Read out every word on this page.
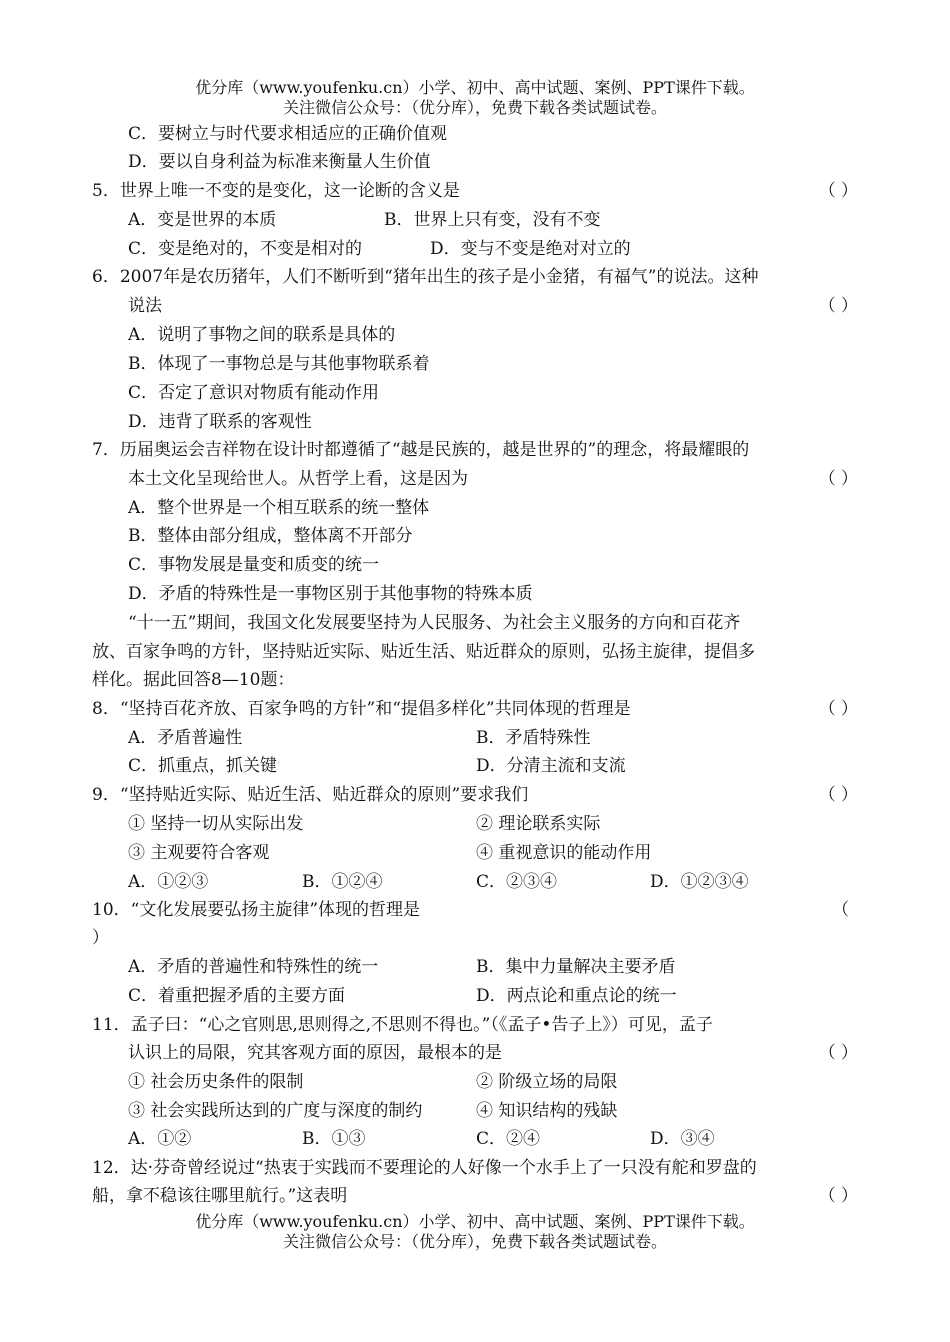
优分库（www.youfenku.cn）小学、初中、高中试题、案例、PPT课件下载。
关注微信公众号：（优分库），免费下载各类试题试卷。
C．要树立与时代要求相适应的正确价值观
D．要以自身利益为标准来衡量人生价值
5．世界上唯一不变的是变化，这一论断的含义是	（ ）
A．变是世界的本质	B．世界上只有变，没有不变
C．变是绝对的，不变是相对的	D．变与不变是绝对对立的
6．2007年是农历猪年，人们不断听到“猪年出生的孩子是小金猪，有福气”的说法。这种
说法	（ ）
A．说明了事物之间的联系是具体的
B．体现了一事物总是与其他事物联系着
C．否定了意识对物质有能动作用
D．违背了联系的客观性
7．历届奥运会吉祥物在设计时都遵循了“越是民族的，越是世界的”的理念，将最耀眼的
本土文化呈现给世人。从哲学上看，这是因为	（ ）
A．整个世界是一个相互联系的统一整体
B．整体由部分组成，整体离不开部分
C．事物发展是量变和质变的统一
D．矛盾的特殊性是一事物区别于其他事物的特殊本质
“十一五”期间，我国文化发展要坚持为人民服务、为社会主义服务的方向和百花齐
放、百家争鸣的方针，坚持贴近实际、贴近生活、贴近群众的原则，弘扬主旋律，提倡多
样化。据此回答8—10题：
8．“坚持百花齐放、百家争鸣的方针”和“提倡多样化”共同体现的哲理是	（ ）
A．矛盾普遍性	B．矛盾特殊性
C．抓重点，抓关键	D．分清主流和支流
9．“坚持贴近实际、贴近生活、贴近群众的原则”要求我们	（ ）
① 坚持一切从实际出发	② 理论联系实际
③ 主观要符合客观	④ 重视意识的能动作用
A．①②③	B．①②④	C．②③④	D．①②③④
10．“文化发展要弘扬主旋律”体现的哲理是	（
）
A．矛盾的普遍性和特殊性的统一	B．集中力量解决主要矛盾
C．着重把握矛盾的主要方面	D．两点论和重点论的统一
11．孟子曰：“心之官则思,思则得之,不思则不得也。”（《孟子•告子上》）可见，孟子
认识上的局限，究其客观方面的原因，最根本的是	（ ）
① 社会历史条件的限制	② 阶级立场的局限
③ 社会实践所达到的广度与深度的制约	④ 知识结构的残缺
A．①②	B．①③	C．②④	D．③④
12．达·芬奇曾经说过“热衷于实践而不要理论的人好像一个水手上了一只没有舵和罗盘的
船，拿不稳该往哪里航行。”这表明	（ ）
优分库（www.youfenku.cn）小学、初中、高中试题、案例、PPT课件下载。
关注微信公众号：（优分库），免费下载各类试题试卷。
